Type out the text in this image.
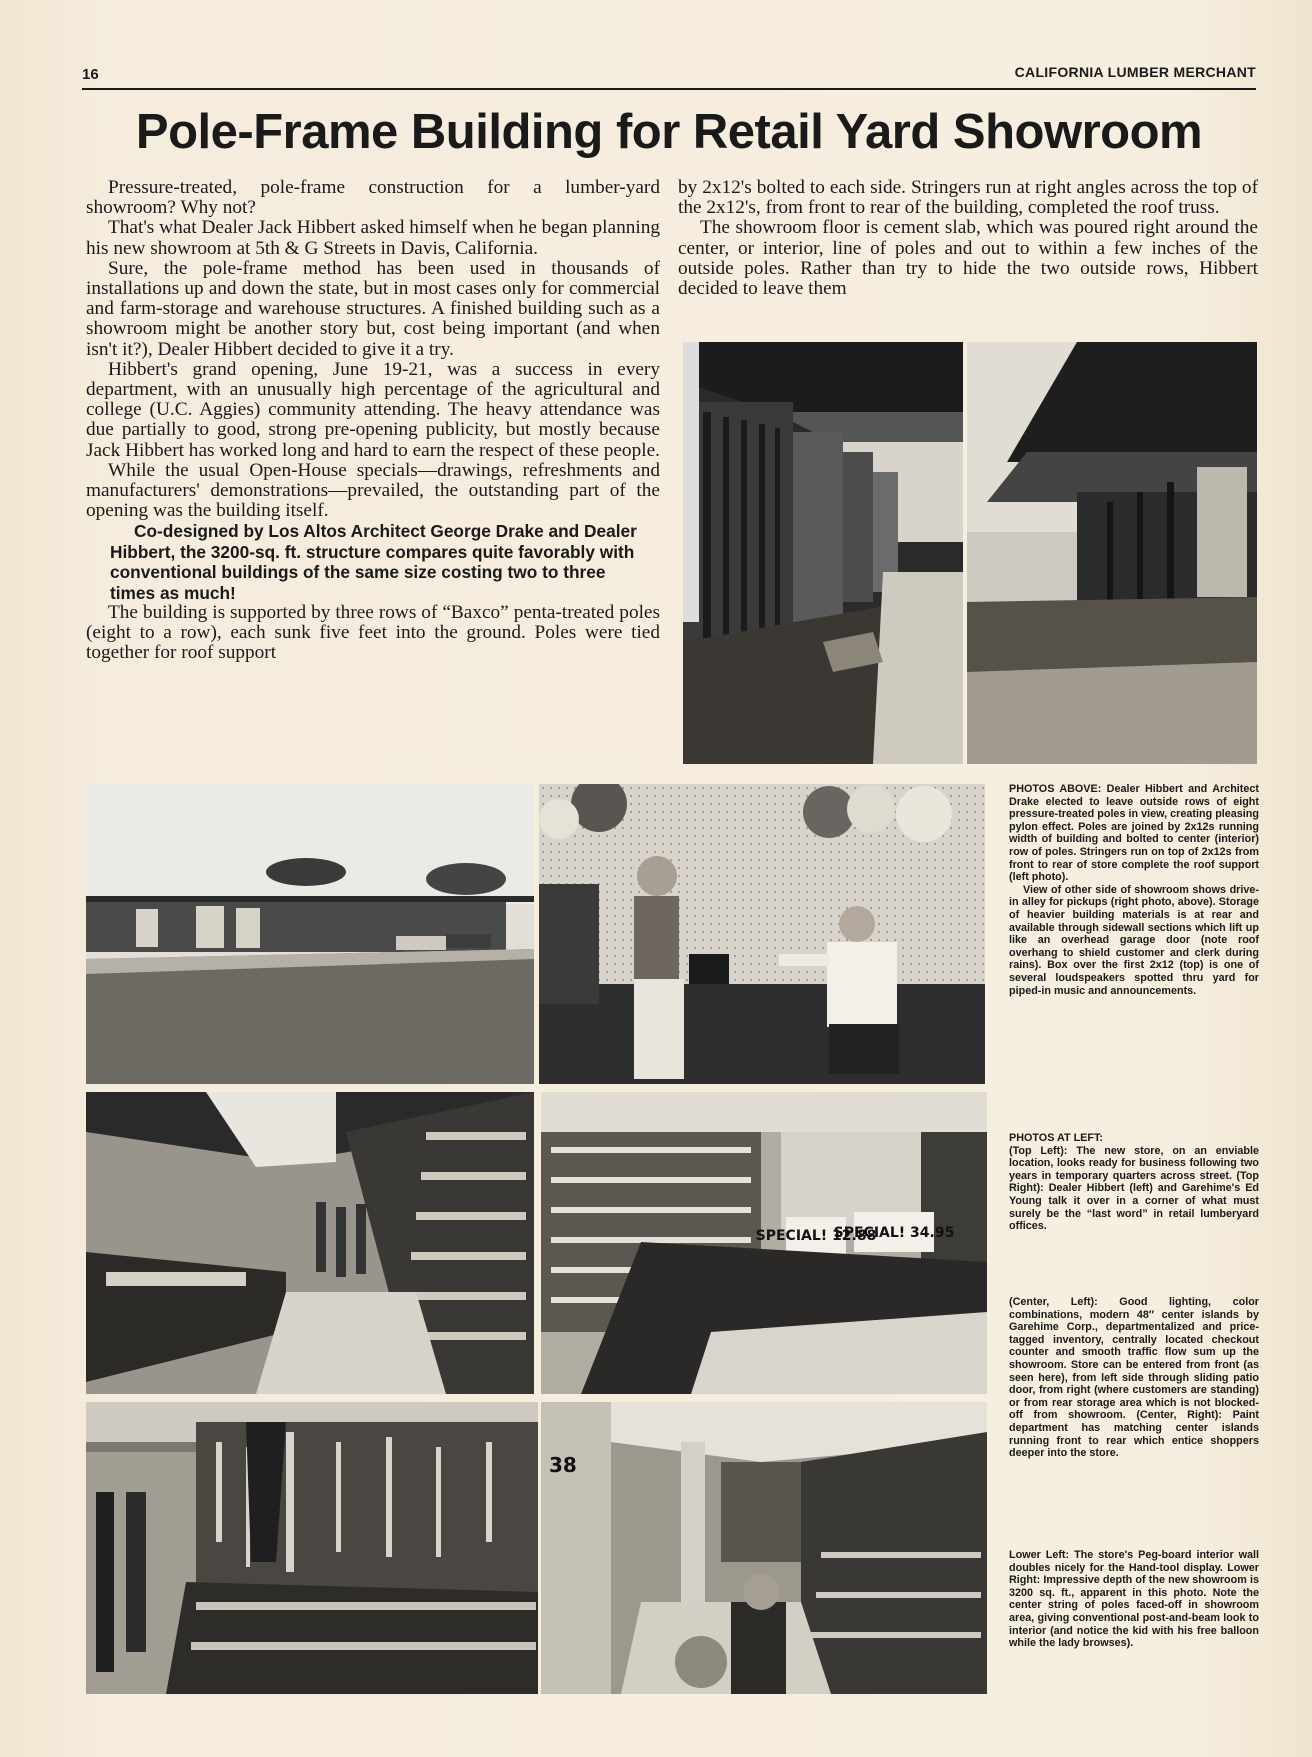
16	CALIFORNIA LUMBER MERCHANT
Pole-Frame Building for Retail Yard Showroom

Pressure-treated, pole-frame construction for a lumber-yard showroom? Why not?

That's what Dealer Jack Hibbert asked himself when he began planning his new showroom at 5th & G Streets in Davis, California.

Sure, the pole-frame method has been used in thousands of installations up and down the state, but in most cases only for commercial and farm-storage and warehouse structures. A finished building such as a showroom might be another story but, cost being important (and when isn't it?), Dealer Hibbert decided to give it a try.

Hibbert's grand opening, June 19-21, was a success in every department, with an unusually high percentage of the agricultural and college (U.C. Aggies) community attending. The heavy attendance was due partially to good, strong pre-opening publicity, but mostly because Jack Hibbert has worked long and hard to earn the respect of these people.

While the usual Open-House specials—drawings, refreshments and manufacturers' demonstrations—prevailed, the outstanding part of the opening was the building itself.

Co-designed by Los Altos Architect George Drake and Dealer Hibbert, the 3200-sq. ft. structure compares quite favorably with conventional buildings of the same size costing two to three times as much!

The building is supported by three rows of “Baxco” penta-treated poles (eight to a row), each sunk five feet into the ground. Poles were tied together for roof support

by 2x12's bolted to each side. Stringers run at right angles across the top of the 2x12's, from front to rear of the building, completed the roof truss.

The showroom floor is cement slab, which was poured right around the center, or interior, line of poles and out to within a few inches of the outside poles. Rather than try to hide the two outside rows, Hibbert decided to leave them

SPECIAL! 12.88
SPECIAL! 34.95
38

PHOTOS ABOVE: Dealer Hibbert and Architect Drake elected to leave outside rows of eight pressure-treated poles in view, creating pleasing pylon effect. Poles are joined by 2x12s running width of building and bolted to center (interior) row of poles. Stringers run on top of 2x12s from front to rear of store complete the roof support (left photo).

View of other side of showroom shows drive-in alley for pickups (right photo, above). Storage of heavier building materials is at rear and available through sidewall sections which lift up like an overhead garage door (note roof overhang to shield customer and clerk during rains). Box over the first 2x12 (top) is one of several loudspeakers spotted thru yard for piped-in music and announcements.

PHOTOS AT LEFT:

(Top Left): The new store, on an enviable location, looks ready for business following two years in temporary quarters across street. (Top Right): Dealer Hibbert (left) and Garehime's Ed Young talk it over in a corner of what must surely be the “last word” in retail lumberyard offices.

(Center, Left): Good lighting, color combinations, modern 48″ center islands by Garehime Corp., departmentalized and price-tagged inventory, centrally located checkout counter and smooth traffic flow sum up the showroom. Store can be entered from front (as seen here), from left side through sliding patio door, from right (where customers are standing) or from rear storage area which is not blocked-off from showroom. (Center, Right): Paint department has matching center islands running front to rear which entice shoppers deeper into the store.

Lower Left: The store's Peg-board interior wall doubles nicely for the Hand-tool display. Lower Right: Impressive depth of the new showroom is 3200 sq. ft., apparent in this photo. Note the center string of poles faced-off in showroom area, giving conventional post-and-beam look to interior (and notice the kid with his free balloon while the lady browses).
